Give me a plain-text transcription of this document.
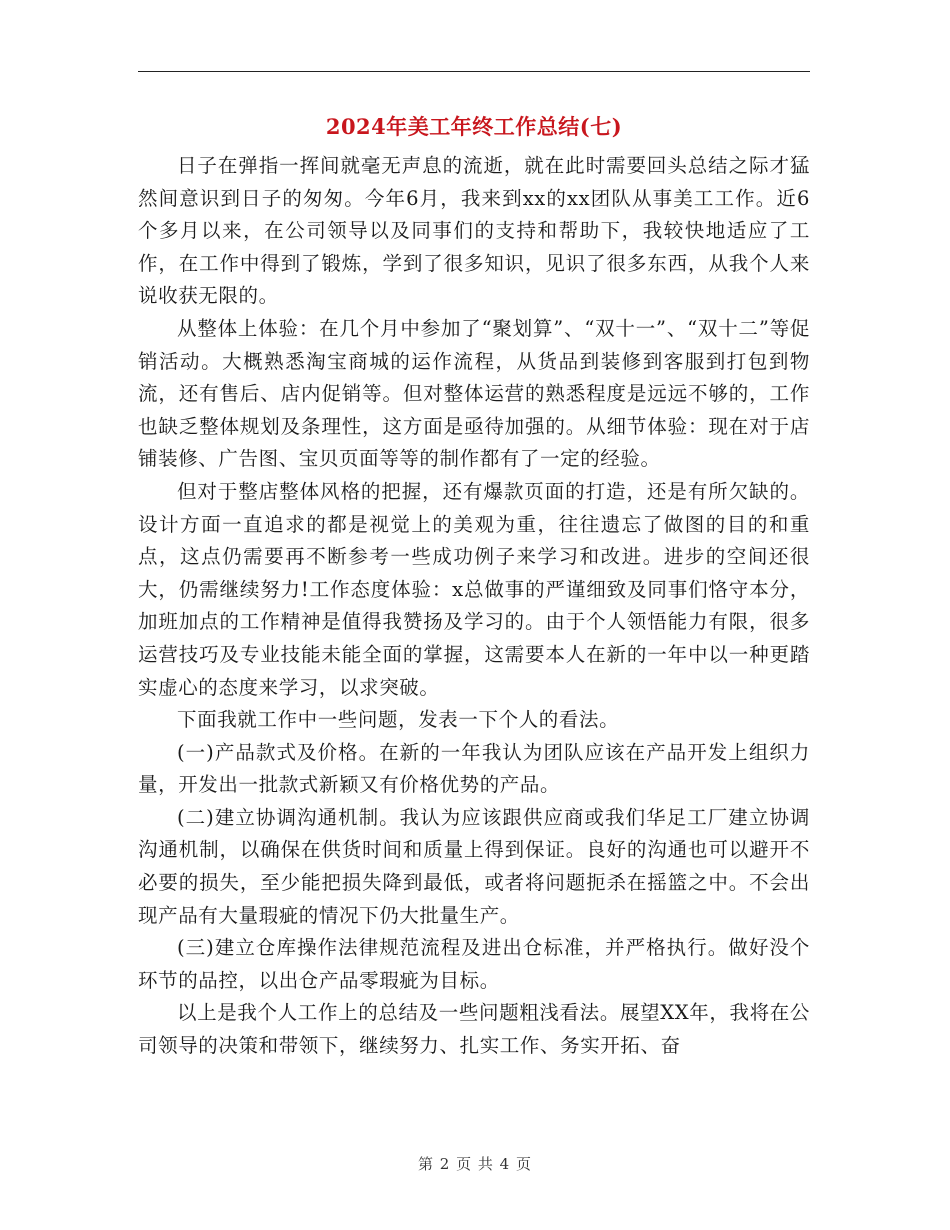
2024年美工年终工作总结(七)

日子在弹指一挥间就毫无声息的流逝，就在此时需要回头总结之际才猛然间意识到日子的匆匆。今年6月，我来到xx的xx团队从事美工工作。近6个多月以来，在公司领导以及同事们的支持和帮助下，我较快地适应了工作，在工作中得到了锻炼，学到了很多知识，见识了很多东西，从我个人来说收获无限的。

从整体上体验：在几个月中参加了“聚划算”、“双十一”、“双十二”等促销活动。大概熟悉淘宝商城的运作流程，从货品到装修到客服到打包到物流，还有售后、店内促销等。但对整体运营的熟悉程度是远远不够的，工作也缺乏整体规划及条理性，这方面是亟待加强的。从细节体验：现在对于店铺装修、广告图、宝贝页面等等的制作都有了一定的经验。

但对于整店整体风格的把握，还有爆款页面的打造，还是有所欠缺的。设计方面一直追求的都是视觉上的美观为重，往往遗忘了做图的目的和重点，这点仍需要再不断参考一些成功例子来学习和改进。进步的空间还很大，仍需继续努力!工作态度体验：x总做事的严谨细致及同事们恪守本分，加班加点的工作精神是值得我赞扬及学习的。由于个人领悟能力有限，很多运营技巧及专业技能未能全面的掌握，这需要本人在新的一年中以一种更踏实虚心的态度来学习，以求突破。

下面我就工作中一些问题，发表一下个人的看法。

(一)产品款式及价格。在新的一年我认为团队应该在产品开发上组织力量，开发出一批款式新颖又有价格优势的产品。

(二)建立协调沟通机制。我认为应该跟供应商或我们华足工厂建立协调沟通机制，以确保在供货时间和质量上得到保证。良好的沟通也可以避开不必要的损失，至少能把损失降到最低，或者将问题扼杀在摇篮之中。不会出现产品有大量瑕疵的情况下仍大批量生产。

(三)建立仓库操作法律规范流程及进出仓标准，并严格执行。做好没个环节的品控，以出仓产品零瑕疵为目标。

以上是我个人工作上的总结及一些问题粗浅看法。展望XX年，我将在公司领导的决策和带领下，继续努力、扎实工作、务实开拓、奋

第 2 页 共 4 页
